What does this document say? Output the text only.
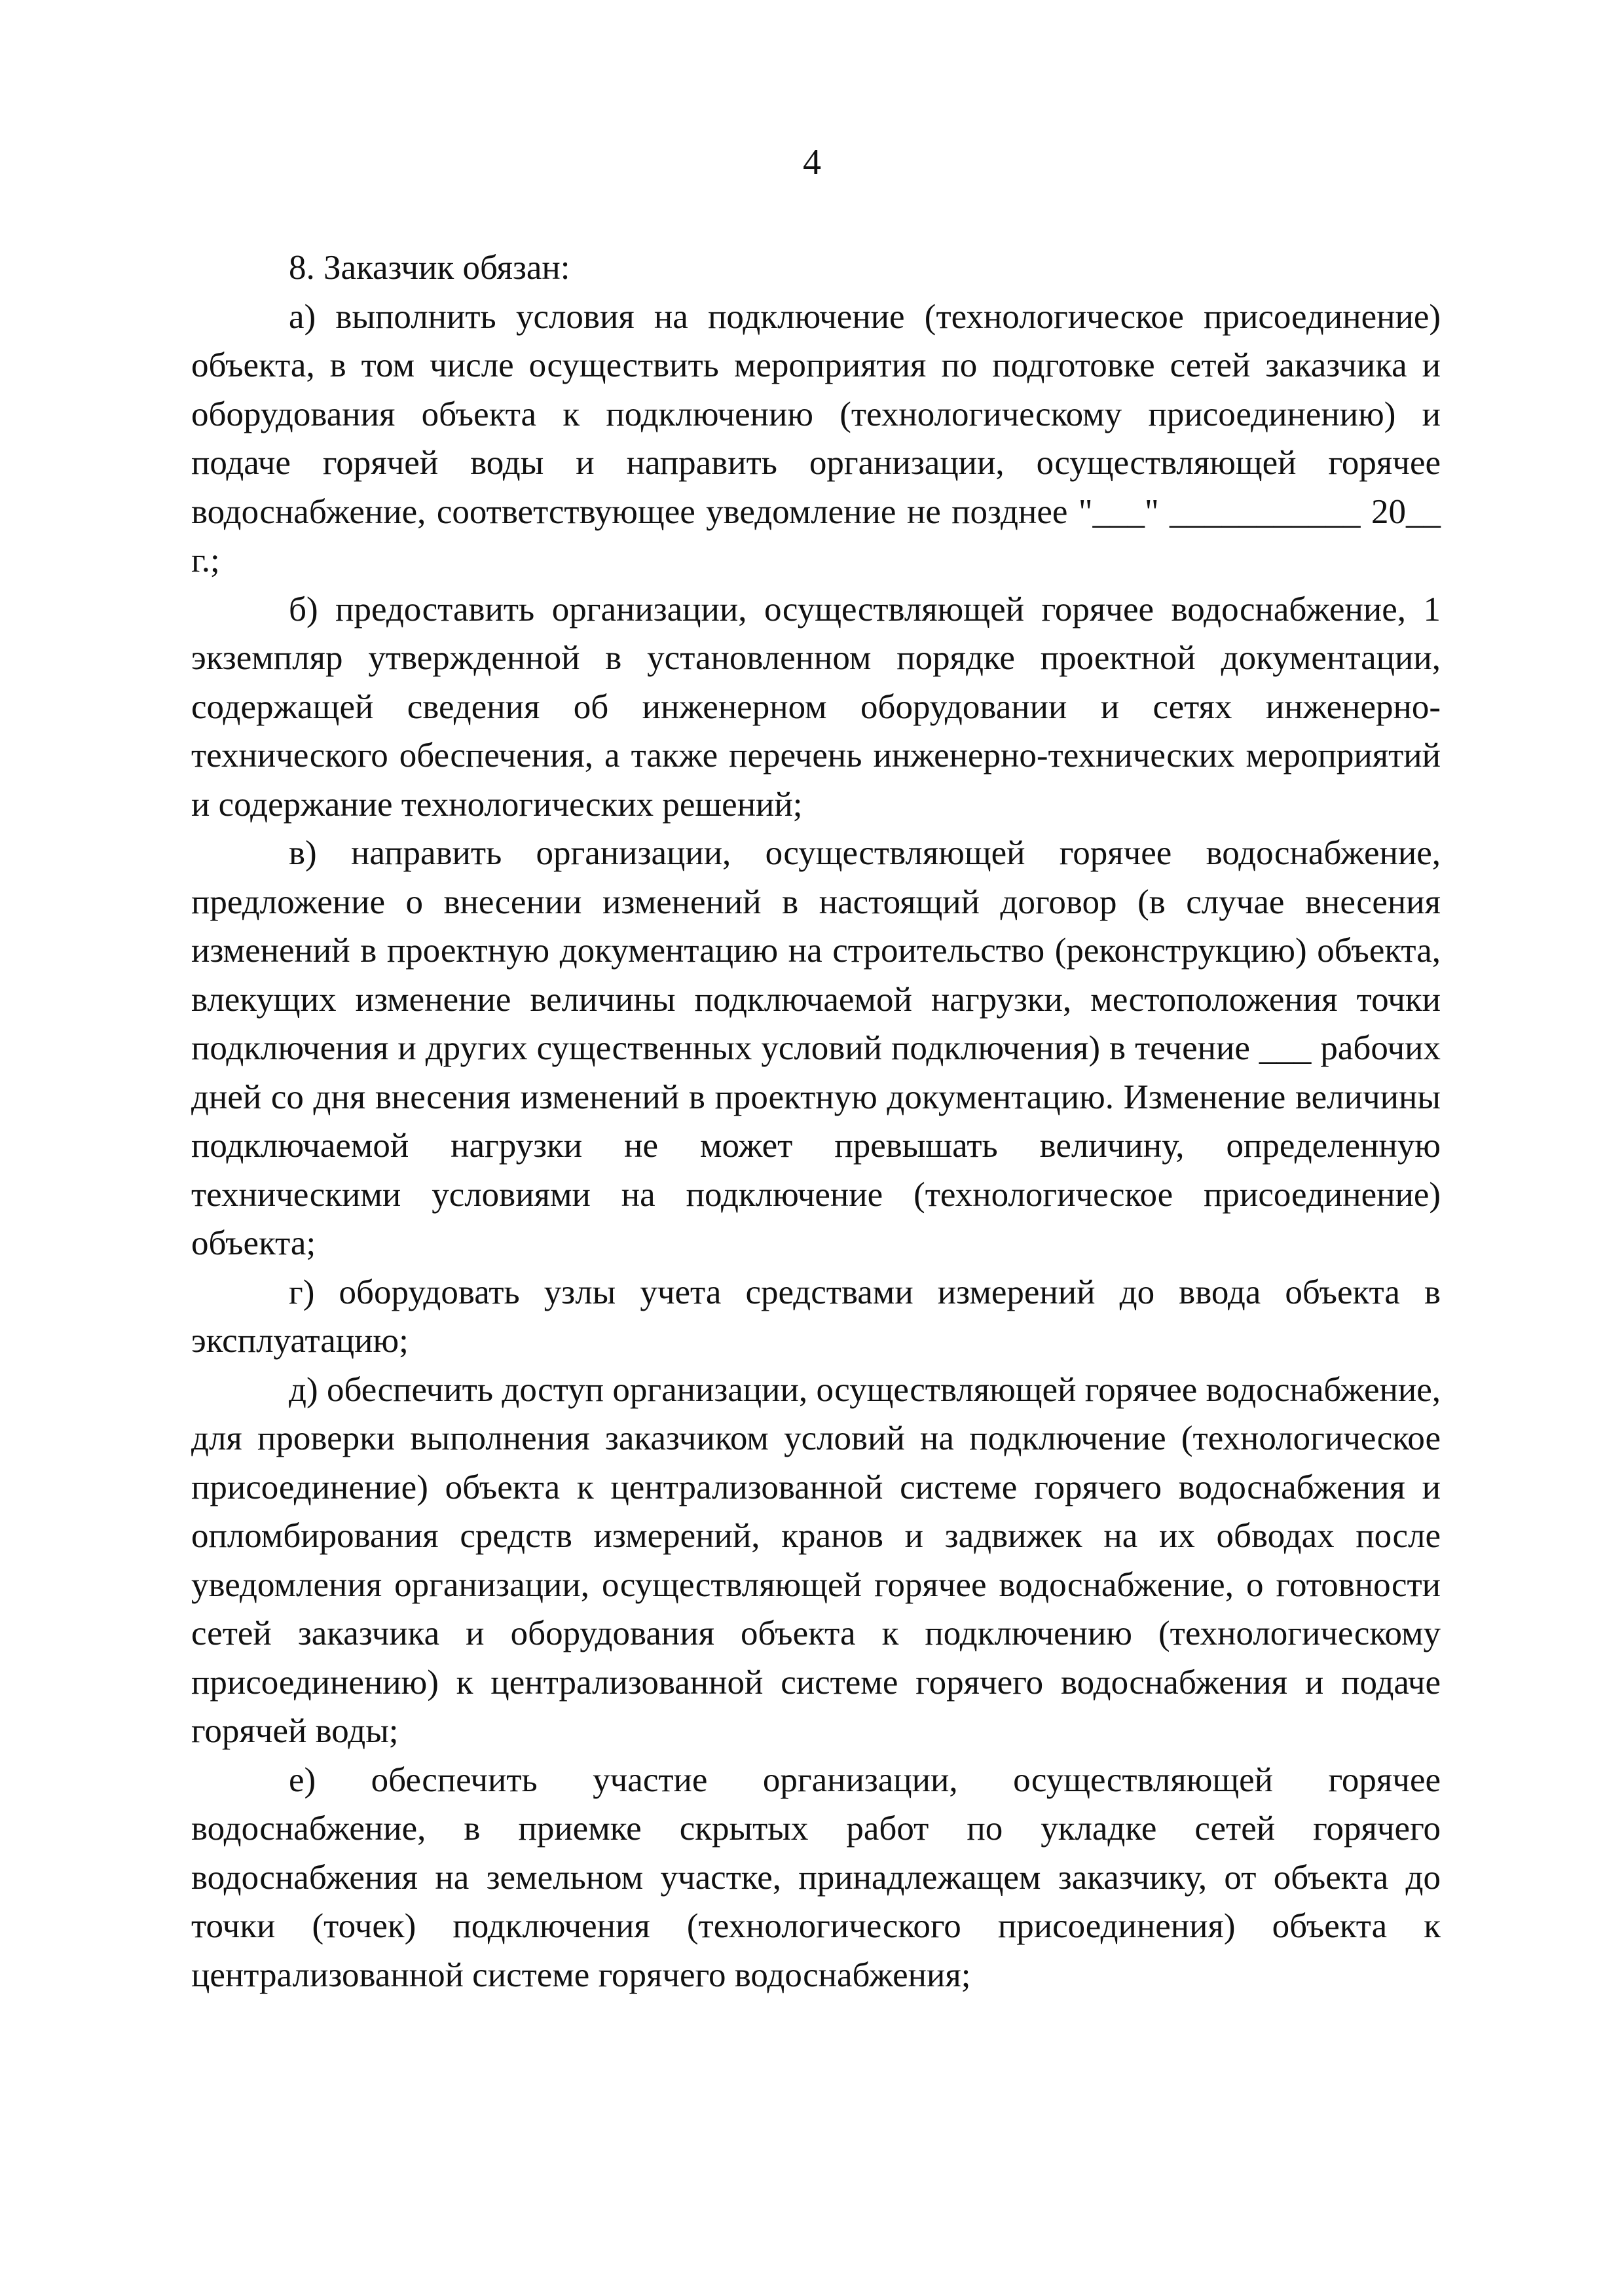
4

8. Заказчик обязан:

а) выполнить условия на подключение (технологическое присоединение) объекта, в том числе осуществить мероприятия по подготовке сетей заказчика и оборудования объекта к подключению (технологическому присоединению) и подаче горячей воды и направить организации, осуществляющей горячее водоснабжение, соответствующее уведомление не позднее "___" ___________ 20__ г.;

б) предоставить организации, осуществляющей горячее водоснабжение, 1 экземпляр утвержденной в установленном порядке проектной документации, содержащей сведения об инженерном оборудовании и сетях инженерно-технического обеспечения, а также перечень инженерно-технических мероприятий и содержание технологических решений;

в) направить организации, осуществляющей горячее водоснабжение, предложение о внесении изменений в настоящий договор (в случае внесения изменений в проектную документацию на строительство (реконструкцию) объекта, влекущих изменение величины подключаемой нагрузки, местоположения точки подключения и других существенных условий подключения) в течение ___ рабочих дней со дня внесения изменений в проектную документацию. Изменение величины подключаемой нагрузки не может превышать величину, определенную техническими условиями на подключение (технологическое присоединение) объекта;

г) оборудовать узлы учета средствами измерений до ввода объекта в эксплуатацию;

д) обеспечить доступ организации, осуществляющей горячее водоснабжение, для проверки выполнения заказчиком условий на подключение (технологическое присоединение) объекта к централизованной системе горячего водоснабжения и опломбирования средств измерений, кранов и задвижек на их обводах после уведомления организации, осуществляющей горячее водоснабжение, о готовности сетей заказчика и оборудования объекта к подключению (технологическому присоединению) к централизованной системе горячего водоснабжения и подаче горячей воды;

е) обеспечить участие организации, осуществляющей горячее водоснабжение, в приемке скрытых работ по укладке сетей горячего водоснабжения на земельном участке, принадлежащем заказчику, от объекта до точки (точек) подключения (технологического присоединения) объекта к централизованной системе горячего водоснабжения;
